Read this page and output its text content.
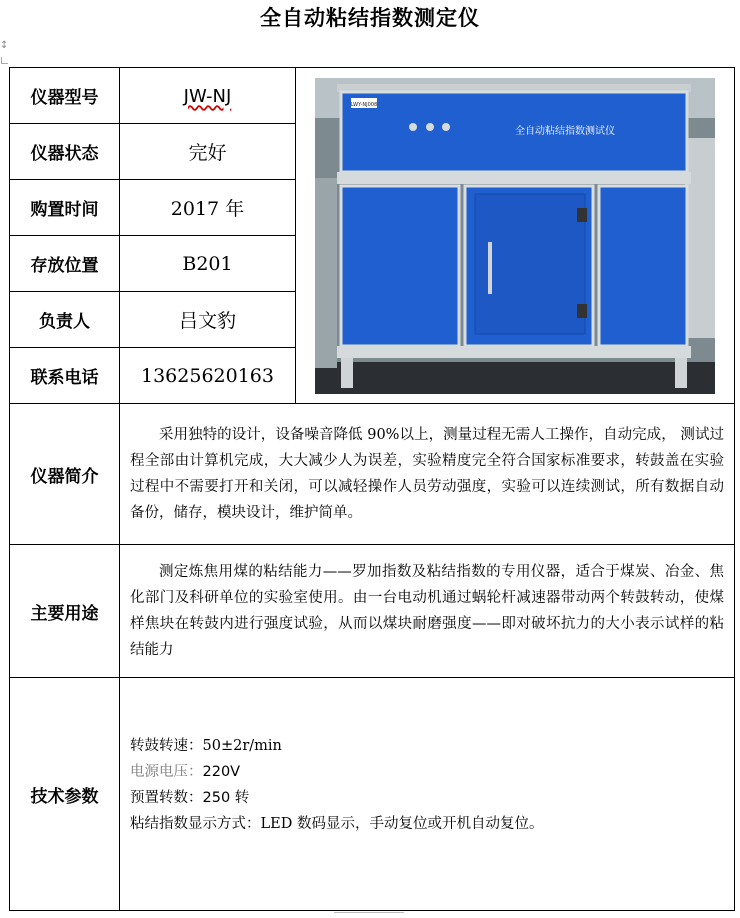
全自动粘结指数测定仪
↕
仪器型号	JW-NJ	LWY-NJ008
全自动粘结指数测试仪

仪器状态	完好	
购置时间	2017 年	
存放位置	B201	
负责人	吕文豹	
联系电话	13625620163	
仪器简介	采用独特的设计，设备噪音降低 90%以上，测量过程无需人工操作，自动完成， 测试过程全部由计算机完成，大大减少人为误差，实验精度完全符合国家标准要求，转鼓盖在实验过程中不需要打开和关闭，可以减轻操作人员劳动强度，实验可以连续测试，所有数据自动备份，储存，模块设计，维护简单。	

主要用途	测定炼焦用煤的粘结能力——罗加指数及粘结指数的专用仪器，适合于煤炭、冶金、焦化部门及科研单位的实验室使用。由一台电动机通过蜗轮杆减速器带动两个转鼓转动，使煤样焦块在转鼓内进行强度试验，从而以煤块耐磨强度——即对破坏抗力的大小表示试样的粘结能力	

技术参数	转鼓转速：50±2r/min
电源电压：220V
预置转数：250 转
粘结指数显示方式：LED 数码显示，手动复位或开机自动复位。	
